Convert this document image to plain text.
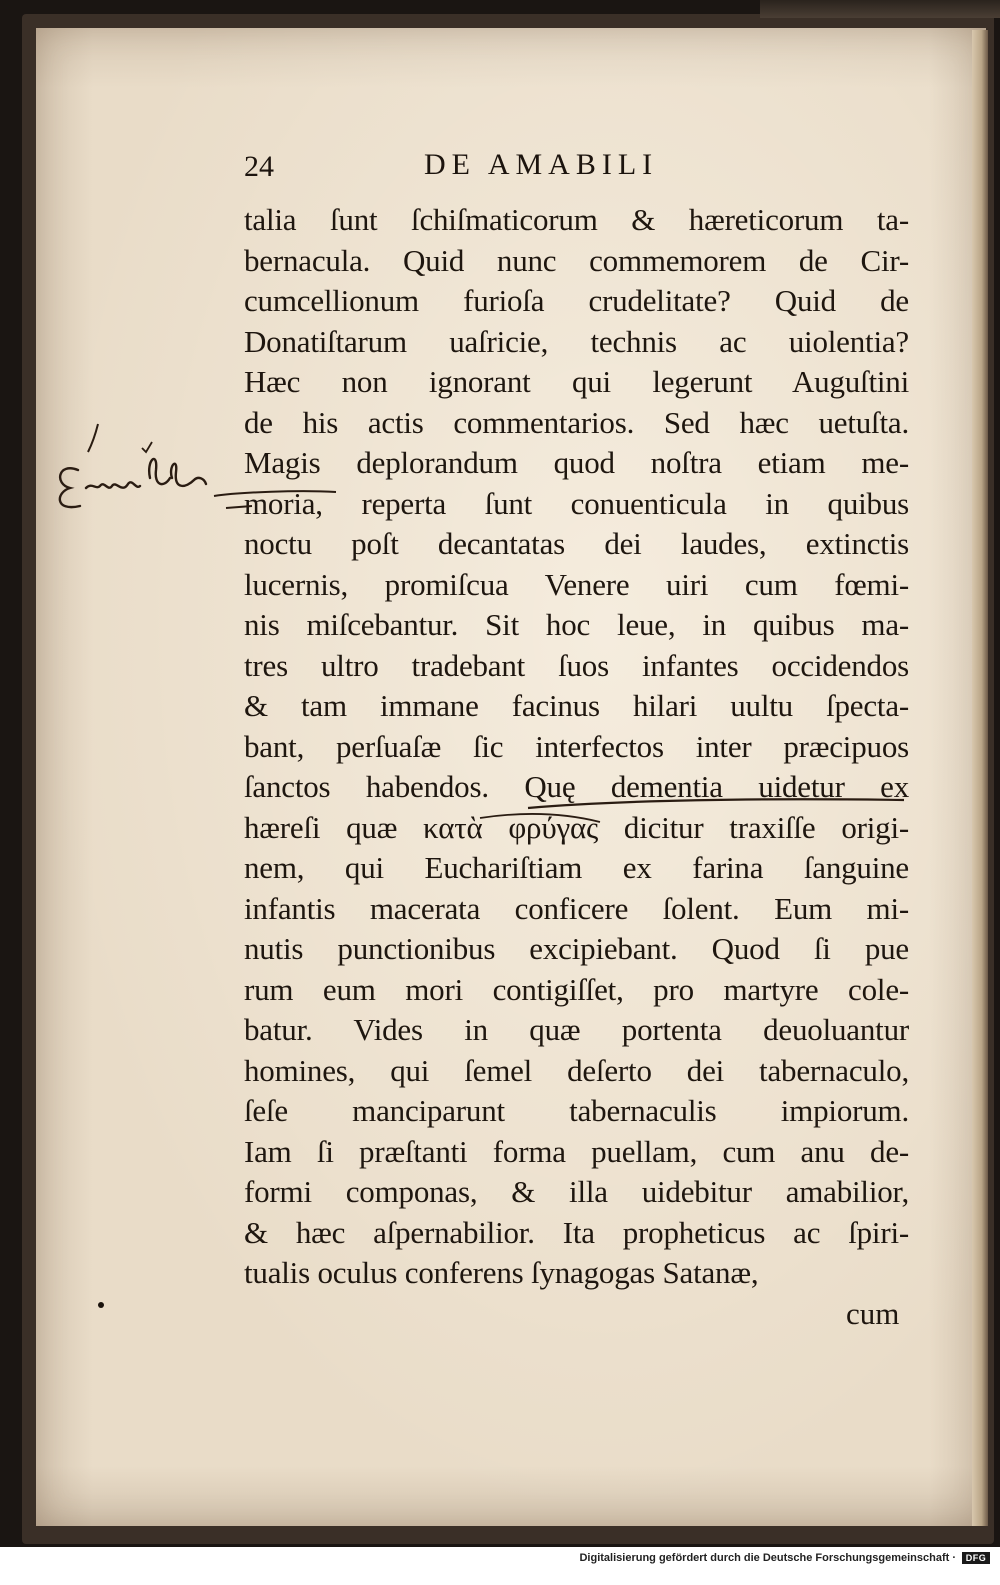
24	DE AMABILI
talia ſunt ſchiſmaticorum & hæreticorum ta-
bernacula. Quid nunc commemorem de Cir-
cumcellionum furioſa crudelitate? Quid de
Donatiſtarum uaſricie, technis ac uiolentia?
Hæc non ignorant qui legerunt Auguſtini
de his actis commentarios. Sed hæc uetuſta.
Magis deplorandum quod noſtra etiam me-
moria, reperta ſunt conuenticula in quibus
noctu poſt decantatas dei laudes, extinctis
lucernis, promiſcua Venere uiri cum fœmi-
nis miſcebantur. Sit hoc leue, in quibus ma-
tres ultro tradebant ſuos infantes occidendos
& tam immane facinus hilari uultu ſpecta-
bant, perſuaſæ ſic interfectos inter præcipuos
ſanctos habendos. Quę dementia uidetur ex
hæreſi quæ κατὰ φρύγας dicitur traxiſſe origi-
nem, qui Euchariſtiam ex farina ſanguine
infantis macerata conficere ſolent. Eum mi-
nutis punctionibus excipiebant. Quod ſi pue
rum eum mori contigiſſet, pro martyre cole-
batur. Vides in quæ portenta deuoluantur
homines, qui ſemel deſerto dei tabernaculo,
ſeſe manciparunt tabernaculis impiorum.
Iam ſi præſtanti forma puellam, cum anu de-
formi componas, & illa uidebitur amabilior,
& hæc aſpernabilior. Ita propheticus ac ſpiri-
tualis oculus conferens ſynagogas Satanæ,
cum
Digitalisierung gefördert durch die Deutsche Forschungsgemeinschaft ·	DFG
